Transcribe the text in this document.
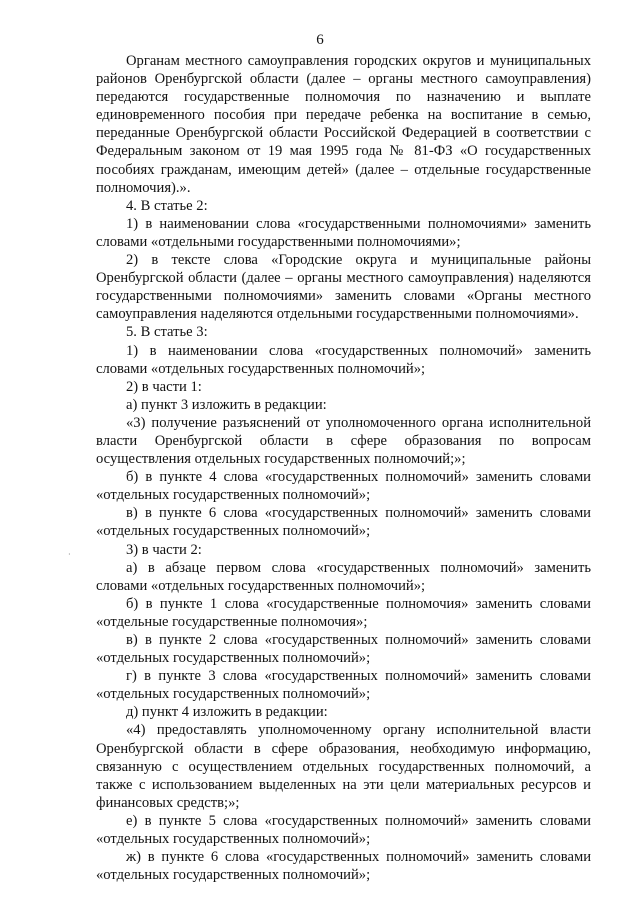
6
·

Органам местного самоуправления городских округов и муниципальных районов Оренбургской области (далее – органы местного самоуправления) передаются государственные полномочия по назначению и выплате единовременного пособия при передаче ребенка на воспитание в семью, переданные Оренбургской области Российской Федерацией в соответствии с Федеральным законом от 19 мая 1995 года № 81-ФЗ «О государственных пособиях гражданам, имеющим детей» (далее – отдельные государственные полномочия).».

4. В статье 2:

1) в наименовании слова «государственными полномочиями» заменить словами «отдельными государственными полномочиями»;

2) в тексте слова «Городские округа и муниципальные районы Оренбургской области (далее – органы местного самоуправления) наделяются государственными полномочиями» заменить словами «Органы местного самоуправления наделяются отдельными государственными полномочиями».

5. В статье 3:

1) в наименовании слова «государственных полномочий» заменить словами «отдельных государственных полномочий»;

2) в части 1:

а) пункт 3 изложить в редакции:

«3) получение разъяснений от уполномоченного органа исполнительной власти Оренбургской области в сфере образования по вопросам осуществления отдельных государственных полномочий;»;

б) в пункте 4 слова «государственных полномочий» заменить словами «отдельных государственных полномочий»;

в) в пункте 6 слова «государственных полномочий» заменить словами «отдельных государственных полномочий»;

3) в части 2:

а) в абзаце первом слова «государственных полномочий» заменить словами «отдельных государственных полномочий»;

б) в пункте 1 слова «государственные полномочия» заменить словами «отдельные государственные полномочия»;

в) в пункте 2 слова «государственных полномочий» заменить словами «отдельных государственных полномочий»;

г) в пункте 3 слова «государственных полномочий» заменить словами «отдельных государственных полномочий»;

д) пункт 4 изложить в редакции:

«4) предоставлять уполномоченному органу исполнительной власти Оренбургской области в сфере образования, необходимую информацию, связанную с осуществлением отдельных государственных полномочий, а также с использованием выделенных на эти цели материальных ресурсов и финансовых средств;»;

е) в пункте 5 слова «государственных полномочий» заменить словами «отдельных государственных полномочий»;

ж) в пункте 6 слова «государственных полномочий» заменить словами «отдельных государственных полномочий»;
